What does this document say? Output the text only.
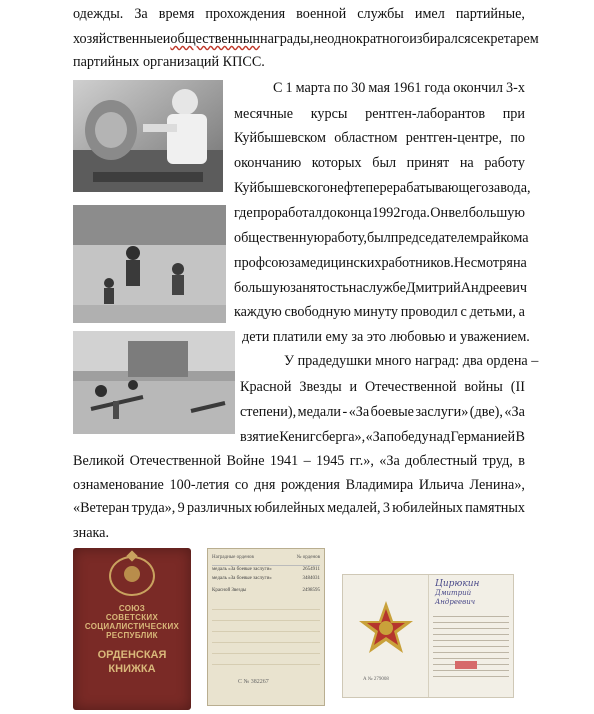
одежды. За время прохождения военной службы имел партийные,
хозяйственные и общественнын награды, неоднократного избирался секретарем
партийных организаций КПСС.
С 1 марта по 30 мая 1961 года окончил 3-х
месячные курсы рентген-лаборантов при
Куйбышевском областном рентген-центре, по
окончанию которых был принят на работу
Куйбышевского нефтеперерабатывающего завода,
где проработал до конца 1992 года. Он вел большую
общественную работу, был председателем райкома
профсоюза медицинских работников. Несмотря на
большую занятость на службе Дмитрий Андреевич
каждую свободную минуту проводил с детьми, а
дети платили ему за это любовью и уважением.
У прадедушки много наград: два ордена –
Красной Звезды и Отечественной войны (II
степени), медали - «За боевые заслуги» (две), «За
взятие Кенигсберга», «За победу над Германией В
Великой Отечественной Войне 1941 – 1945 гг.», «За доблестный труд, в
ознаменование 100-летия со дня рождения Владимира Ильича Ленина»,
«Ветеран труда», 9 различных юбилейных медалей, 3 юбилейных памятных
знака.
СОЮЗ
СОВЕТСКИХ
СОЦИАЛИСТИЧЕСКИХ
РЕСПУБЛИК
ОРДЕНСКАЯ
КНИЖКА
Наградные орденов	№ орденов
медаль «За боевые заслуги»	2654911
медаль «За боевые заслуги»	3484031
Красной Звезды	2498595
С № 382267	А № 279008
Цирюкин
Дмитрий
Андреевич
